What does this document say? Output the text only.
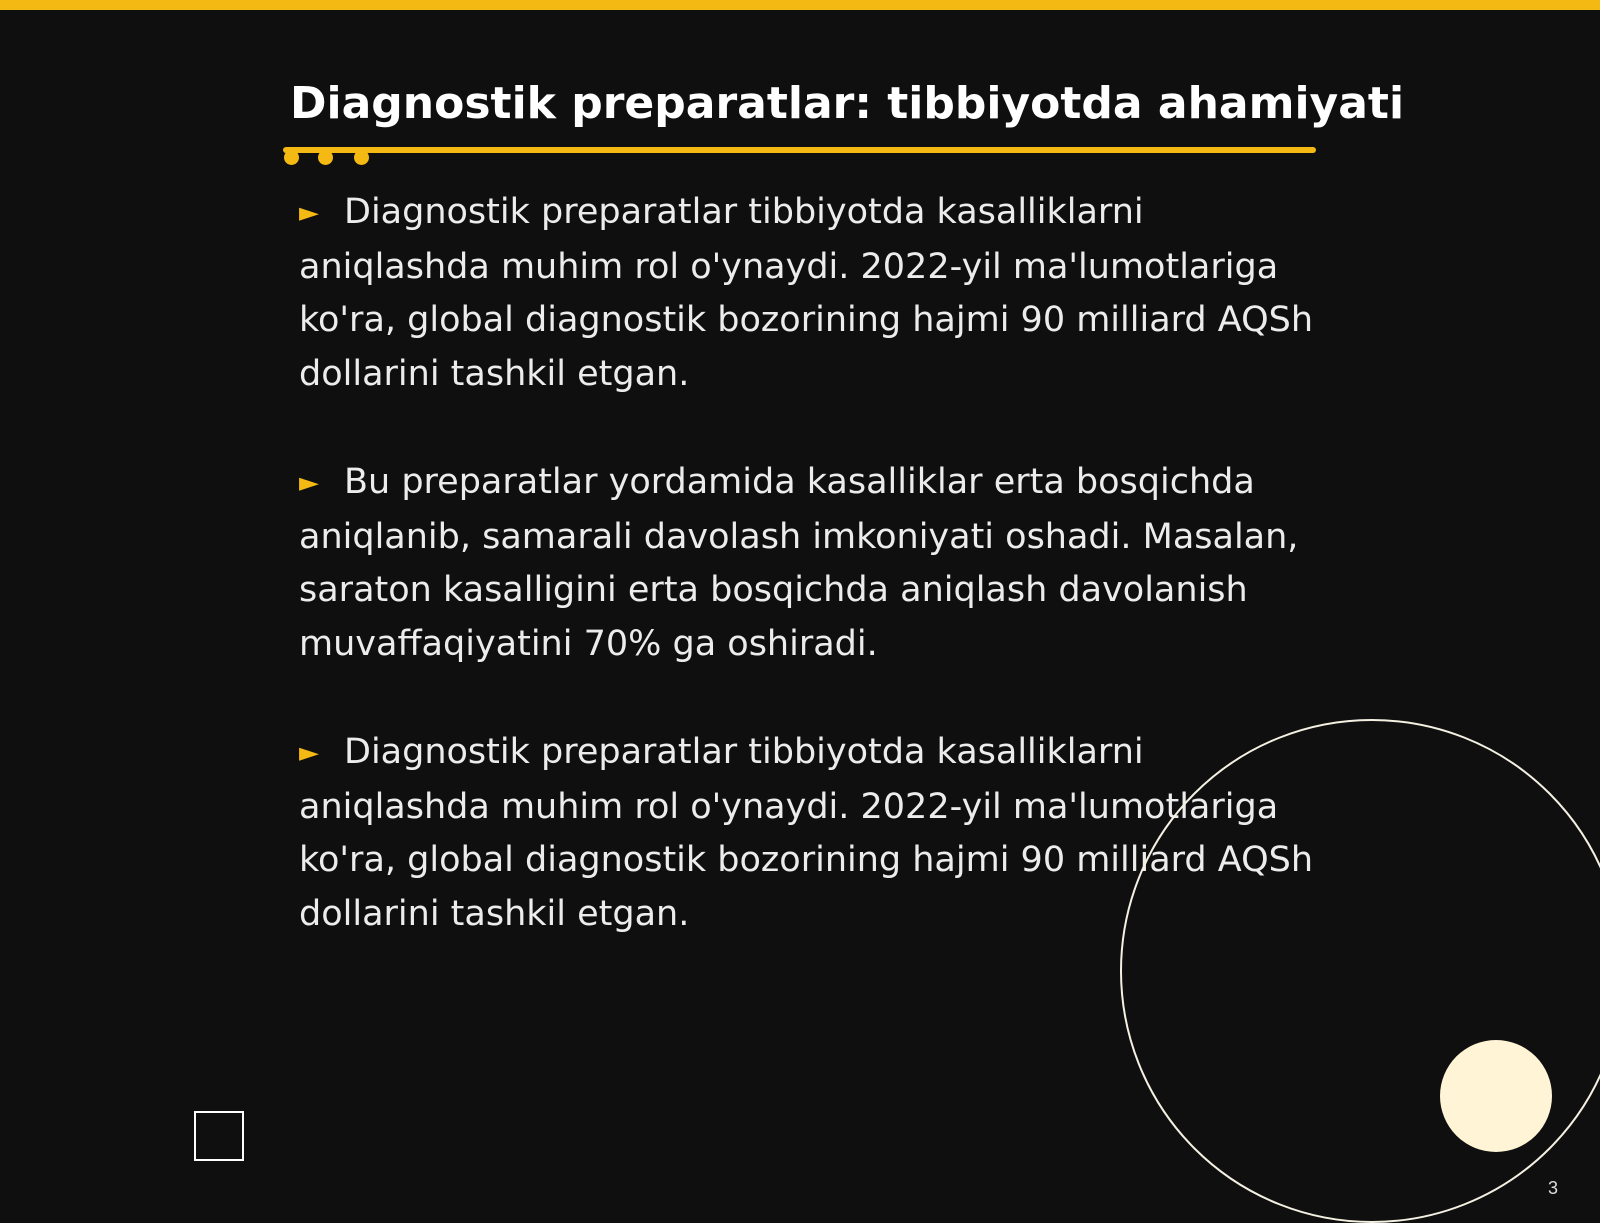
Diagnostik preparatlar: tibbiyotda ahamiyati

► Diagnostik preparatlar tibbiyotda kasalliklarni aniqlashda muhim rol o'ynaydi. 2022-yil ma'lumotlariga ko'ra, global diagnostik bozorining hajmi 90 milliard AQSh dollarini tashkil etgan.

► Bu preparatlar yordamida kasalliklar erta bosqichda aniqlanib, samarali davolash imkoniyati oshadi. Masalan, saraton kasalligini erta bosqichda aniqlash davolanish muvaffaqiyatini 70% ga oshiradi.

► Diagnostik preparatlar tibbiyotda kasalliklarni aniqlashda muhim rol o'ynaydi. 2022-yil ma'lumotlariga ko'ra, global diagnostik bozorining hajmi 90 milliard AQSh dollarini tashkil etgan.

3
